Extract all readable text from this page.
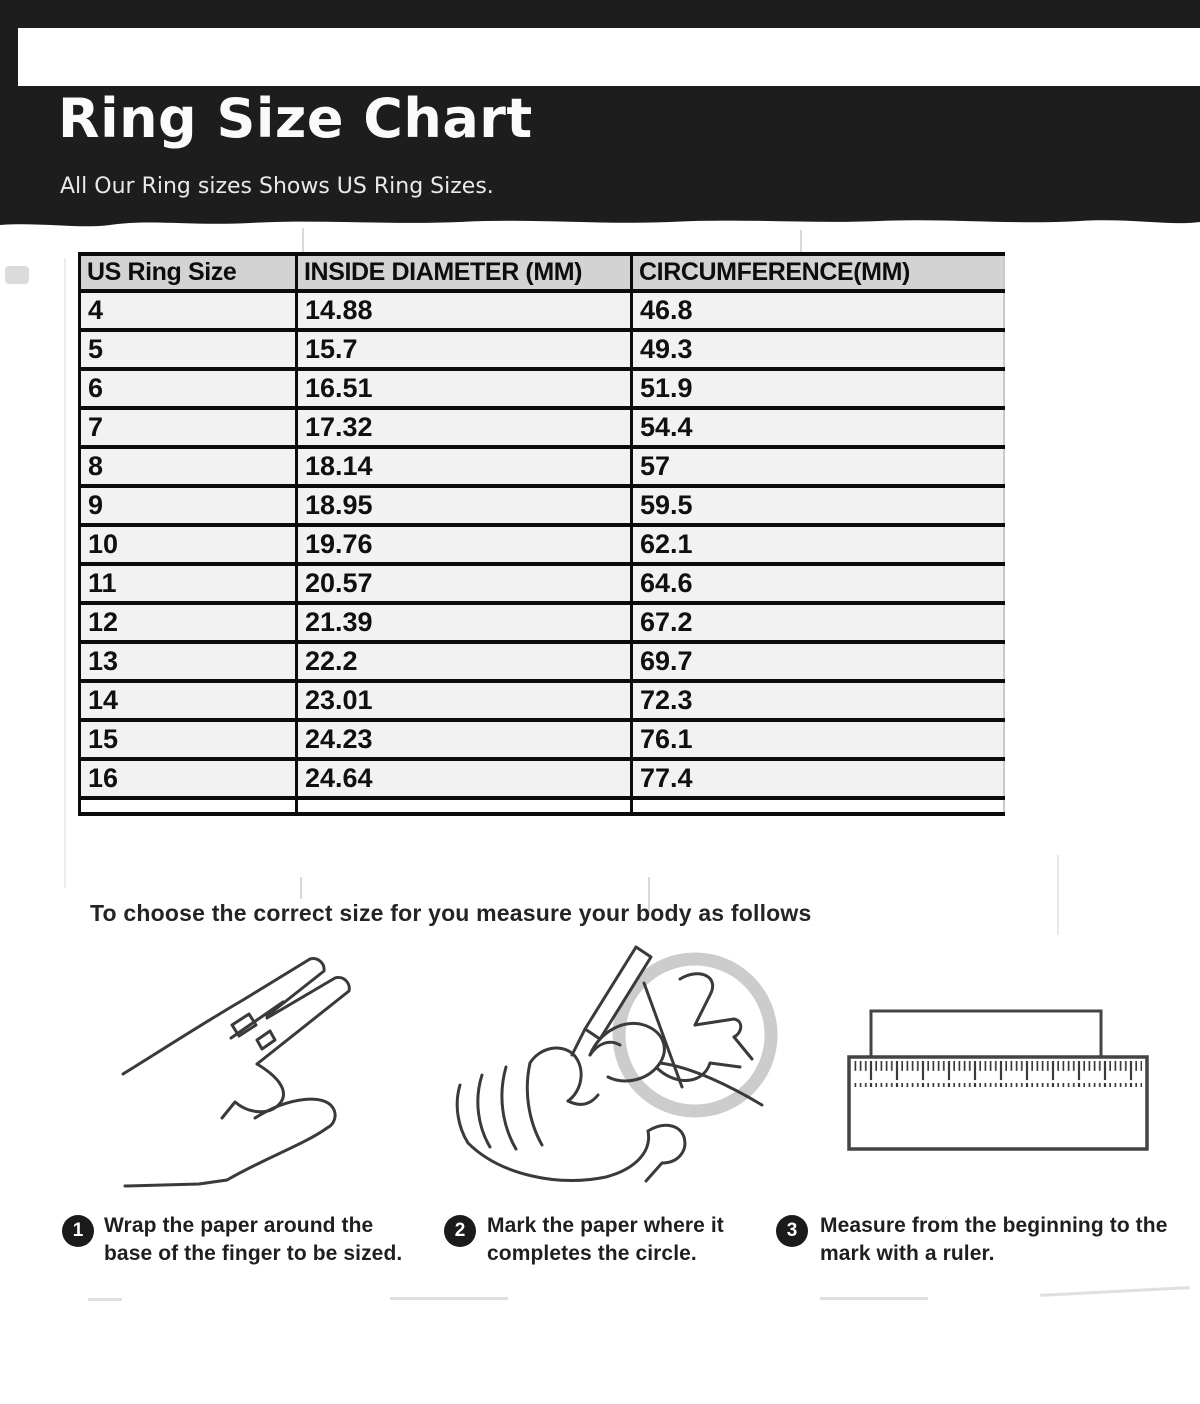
Ring Size Chart
All Our Ring sizes Shows US Ring Sizes.
US Ring Size	INSIDE DIAMETER (MM)	CIRCUMFERENCE(MM)
4	14.88	46.8
5	15.7	49.3
6	16.51	51.9
7	17.32	54.4
8	18.14	57
9	18.95	59.5
10	19.76	62.1
11	20.57	64.6
12	21.39	67.2
13	22.2	69.7
14	23.01	72.3
15	24.23	76.1
16	24.64	77.4

To choose the correct size for you measure your body as follows
1 Wrap the paper around the base of the finger to be sized.
2	Mark the paper where it completes the circle.
3	Measure from the beginning to the mark with a ruler.
